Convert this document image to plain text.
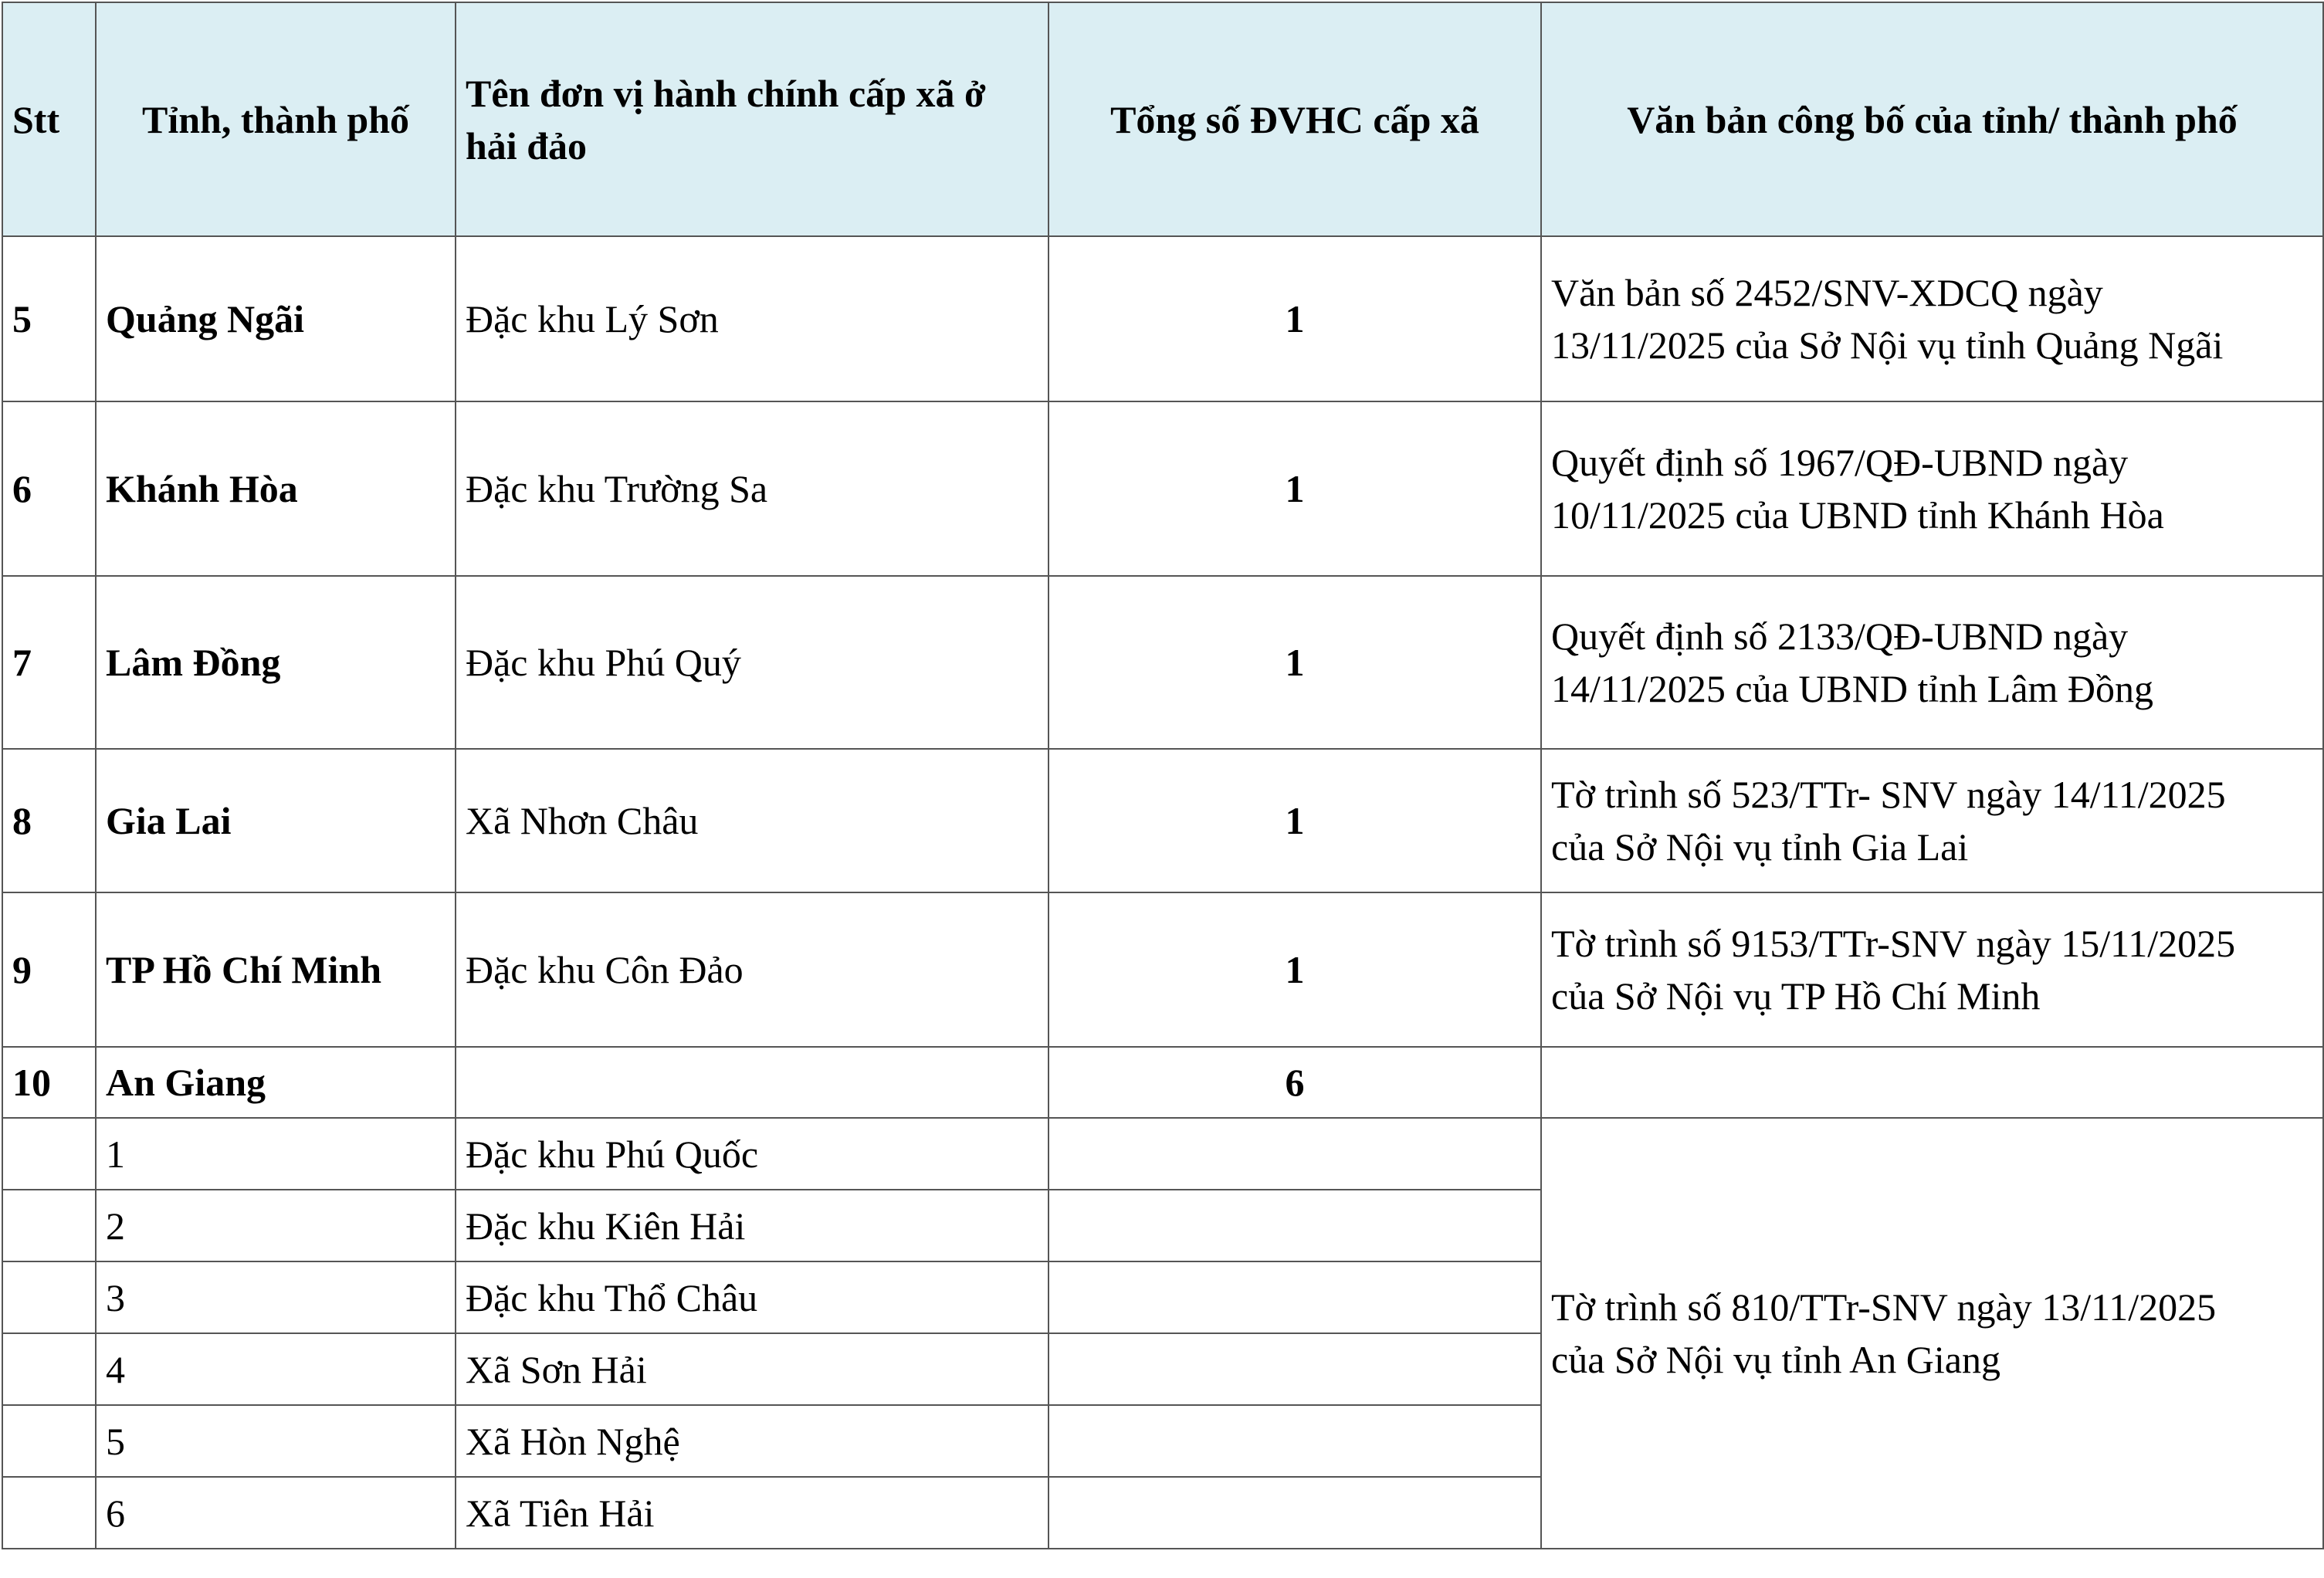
Stt	Tỉnh, thành phố	Tên đơn vị hành chính cấp xã ở hải đảo	Tổng số ĐVHC cấp xã	Văn bản công bố của tỉnh/ thành phố
5	Quảng Ngãi	Đặc khu Lý Sơn	1	Văn bản số 2452/SNV-XDCQ ngày
13/11/2025 của Sở Nội vụ tỉnh Quảng Ngãi

6	Khánh Hòa	Đặc khu Trường Sa	1	Quyết định số 1967/QĐ-UBND ngày
10/11/2025 của UBND tỉnh Khánh Hòa

7	Lâm Đồng	Đặc khu Phú Quý	1	Quyết định số 2133/QĐ-UBND ngày
14/11/2025 của UBND tỉnh Lâm Đồng

8	Gia Lai	Xã Nhơn Châu	1	Tờ trình số 523/TTr- SNV ngày 14/11/2025
của Sở Nội vụ tỉnh Gia Lai

9	TP Hồ Chí Minh	Đặc khu Côn Đảo	1	Tờ trình số 9153/TTr-SNV ngày 15/11/2025
của Sở Nội vụ TP Hồ Chí Minh

10	An Giang		6	
	1	Đặc khu Phú Quốc		Tờ trình số 810/TTr-SNV ngày 13/11/2025
của Sở Nội vụ tỉnh An Giang

	2	Đặc khu Kiên Hải		
	3	Đặc khu Thổ Châu		
	4	Xã Sơn Hải		
	5	Xã Hòn Nghệ		
	6	Xã Tiên Hải		
